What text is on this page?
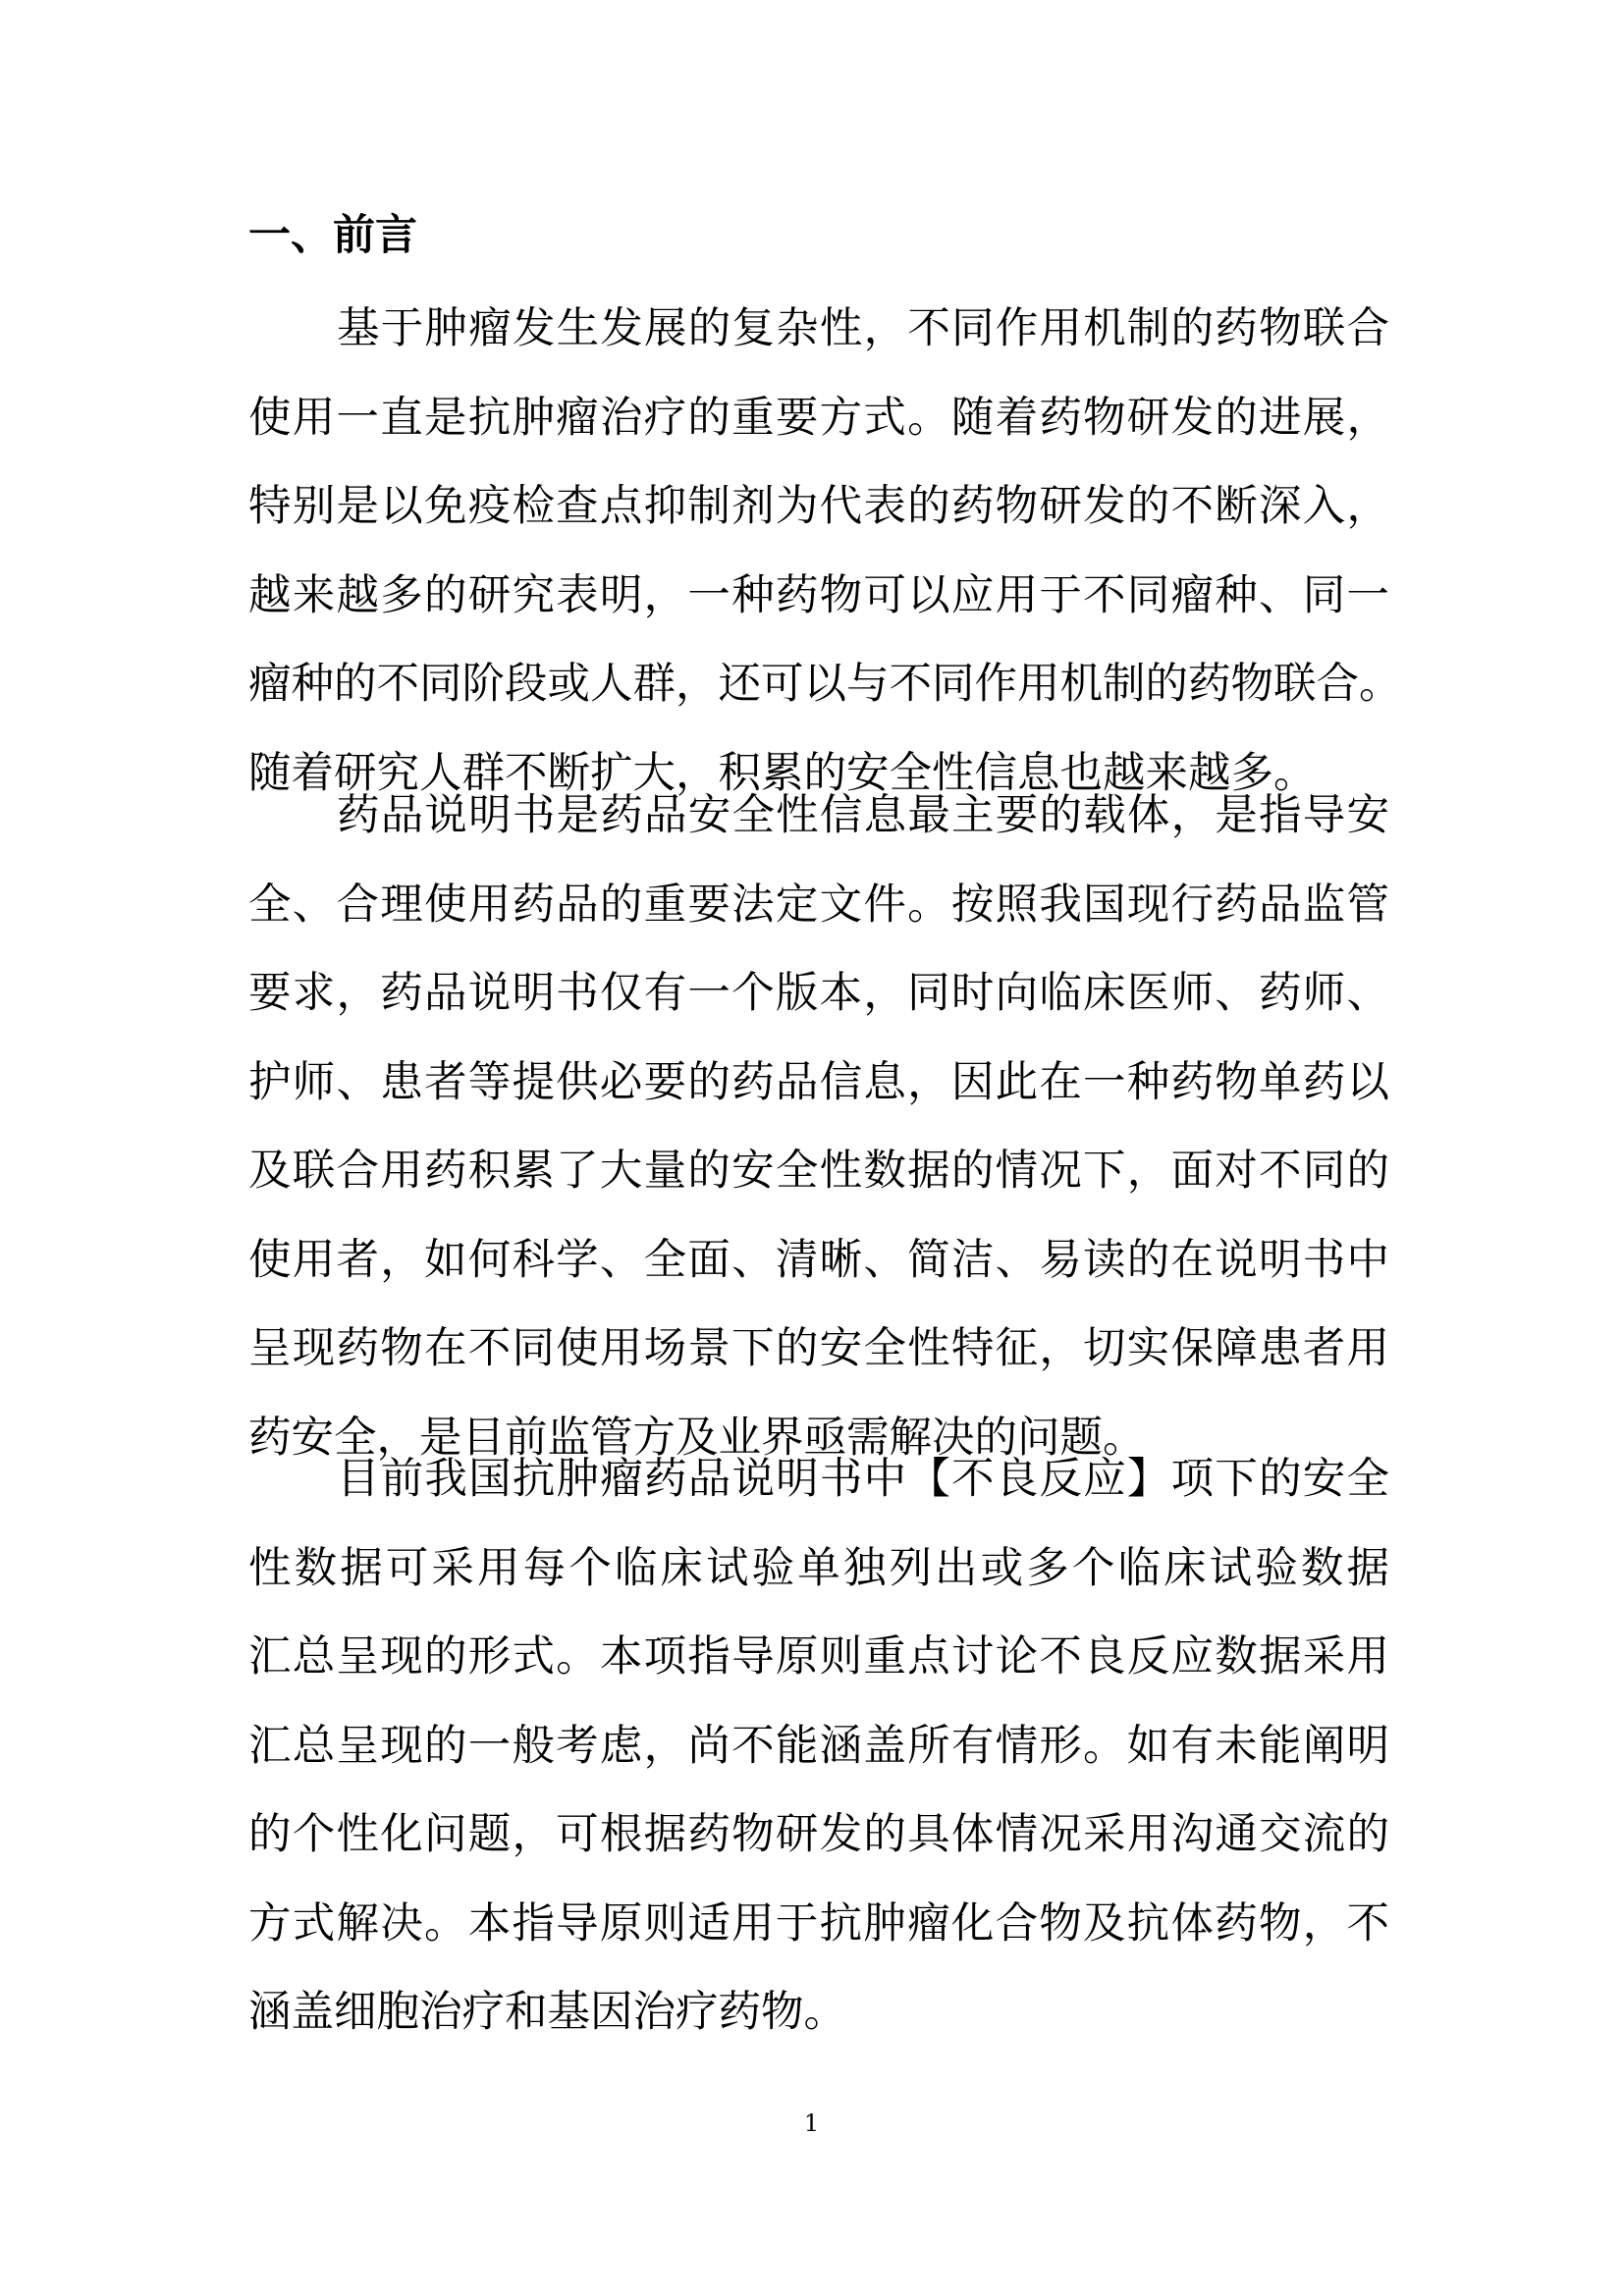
一、前言
基于肿瘤发生发展的复杂性，不同作用机制的药物联合
使用一直是抗肿瘤治疗的重要方式。随着药物研发的进展，
特别是以免疫检查点抑制剂为代表的药物研发的不断深入，
越来越多的研究表明，一种药物可以应用于不同瘤种、同一
瘤种的不同阶段或人群，还可以与不同作用机制的药物联合。
随着研究人群不断扩大，积累的安全性信息也越来越多。
药品说明书是药品安全性信息最主要的载体，是指导安
全、合理使用药品的重要法定文件。按照我国现行药品监管
要求，药品说明书仅有一个版本，同时向临床医师、药师、
护师、患者等提供必要的药品信息，因此在一种药物单药以
及联合用药积累了大量的安全性数据的情况下，面对不同的
使用者，如何科学、全面、清晰、简洁、易读的在说明书中
呈现药物在不同使用场景下的安全性特征，切实保障患者用
药安全，是目前监管方及业界亟需解决的问题。
目前我国抗肿瘤药品说明书中【不良反应】项下的安全
性数据可采用每个临床试验单独列出或多个临床试验数据
汇总呈现的形式。本项指导原则重点讨论不良反应数据采用
汇总呈现的一般考虑，尚不能涵盖所有情形。如有未能阐明
的个性化问题，可根据药物研发的具体情况采用沟通交流的
方式解决。本指导原则适用于抗肿瘤化合物及抗体药物，不
涵盖细胞治疗和基因治疗药物。
1
